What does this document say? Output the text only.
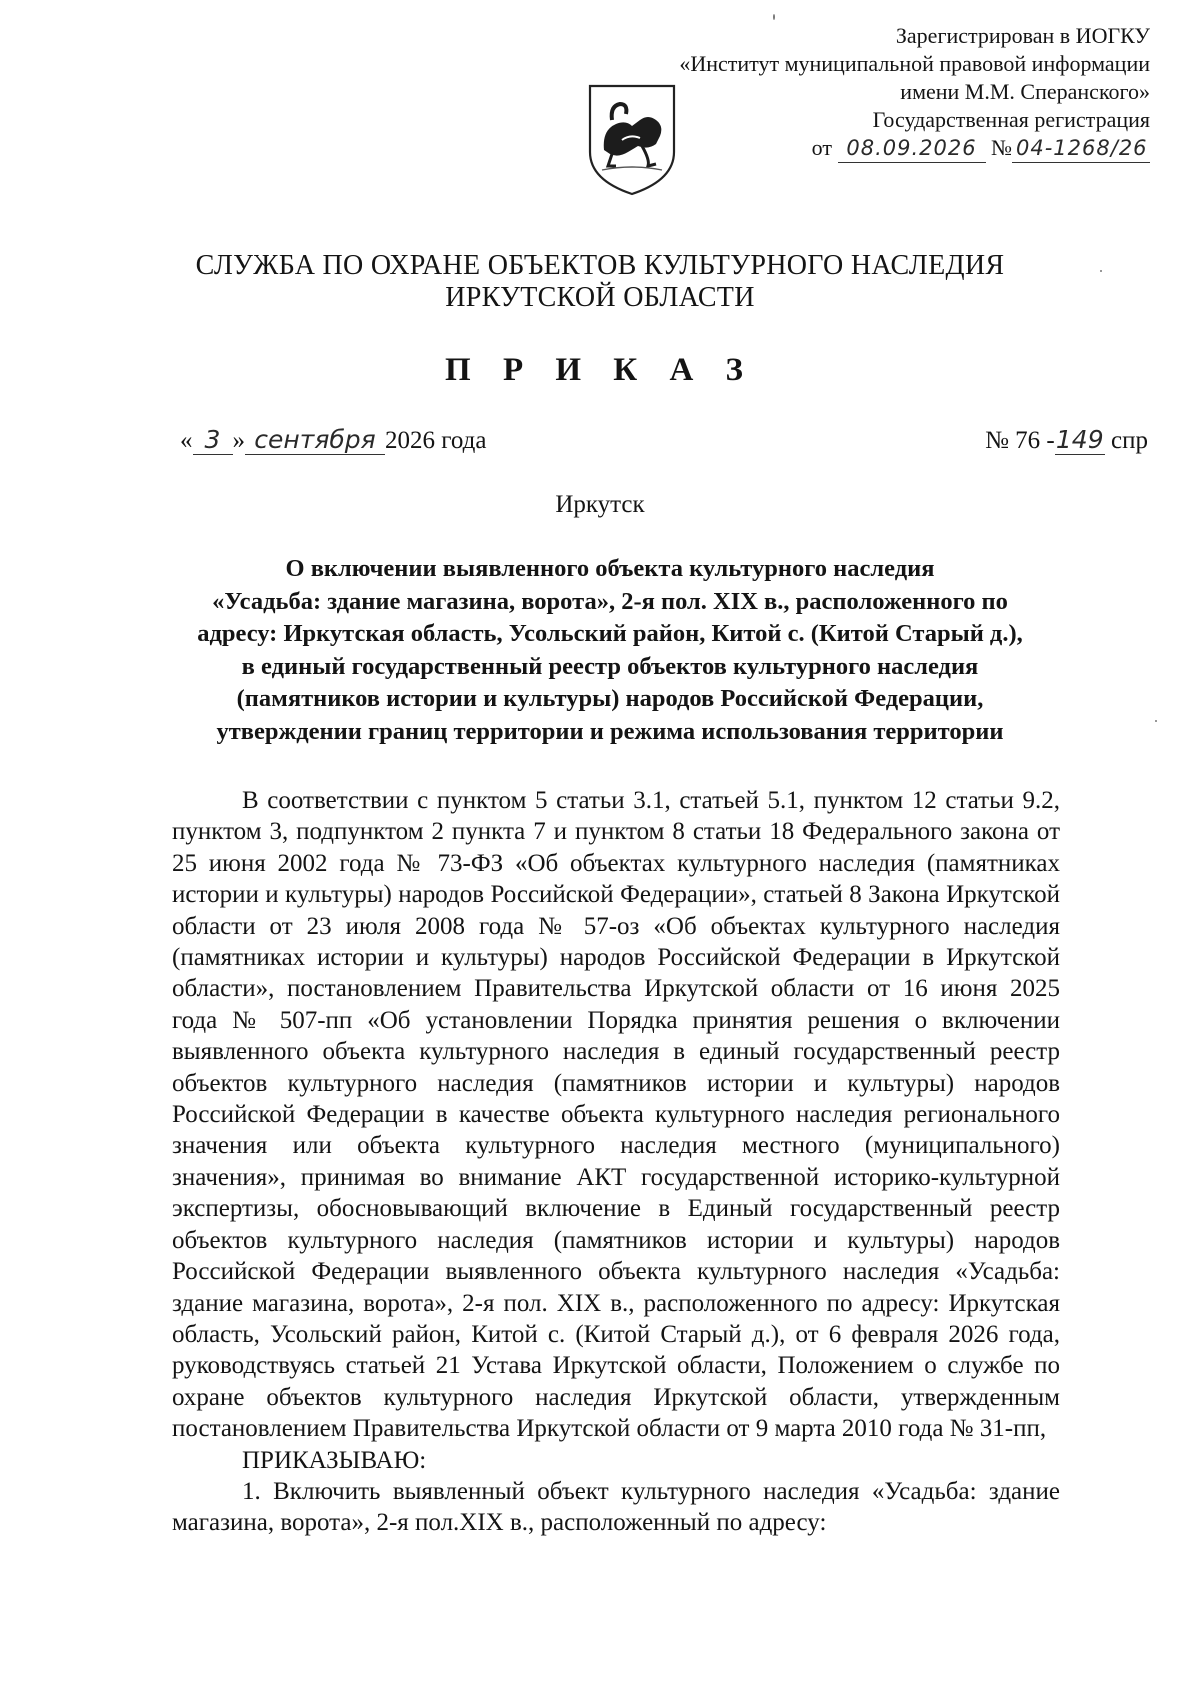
Зарегистрирован в ИОГКУ
«Институт муниципальной правовой информации
имени М.М. Сперанского»
Государственная регистрация
от 08.09.2026 № 04-1268/26
СЛУЖБА ПО ОХРАНЕ ОБЪЕКТОВ КУЛЬТУРНОГО НАСЛЕДИЯ
ИРКУТСКОЙ ОБЛАСТИ
П Р И К А З
« 3 » сентября 2026 года	№ 76 -149 спр
Иркутск
О включении выявленного объекта культурного наследия
«Усадьба: здание магазина, ворота», 2-я пол. XIX в., расположенного по
адресу: Иркутская область, Усольский район, Китой с. (Китой Старый д.),
в единый государственный реестр объектов культурного наследия
(памятников истории и культуры) народов Российской Федерации,
утверждении границ территории и режима использования территории
В соответствии с пунктом 5 статьи 3.1, статьей 5.1, пунктом 12 статьи 9.2, пунктом 3, подпунктом 2 пункта 7 и пунктом 8 статьи 18 Федерального закона от 25 июня 2002 года № 73-ФЗ «Об объектах культурного наследия (памятниках истории и культуры) народов Российской Федерации», статьей 8 Закона Иркутской области от 23 июля 2008 года № 57-оз «Об объектах культурного наследия (памятниках истории и культуры) народов Российской Федерации в Иркутской области», постановлением Правительства Иркутской области от 16 июня 2025 года № 507-пп «Об установлении Порядка принятия решения о включении выявленного объекта культурного наследия в единый государственный реестр объектов культурного наследия (памятников истории и культуры) народов Российской Федерации в качестве объекта культурного наследия регионального значения или объекта культурного наследия местного (муниципального) значения», принимая во внимание АКТ государственной историко-культурной экспертизы, обосновывающий включение в Единый государственный реестр объектов культурного наследия (памятников истории и культуры) народов Российской Федерации выявленного объекта культурного наследия «Усадьба: здание магазина, ворота», 2-я пол. XIX в., расположенного по адресу: Иркутская область, Усольский район, Китой с. (Китой Старый д.), от 6 февраля 2026 года, руководствуясь статьей 21 Устава Иркутской области, Положением о службе по охране объектов культурного наследия Иркутской области, утвержденным постановлением Правительства Иркутской области от 9 марта 2010 года № 31-пп,
ПРИКАЗЫВАЮ:
1. Включить выявленный объект культурного наследия «Усадьба: здание магазина, ворота», 2-я пол.XIX в., расположенный по адресу:
